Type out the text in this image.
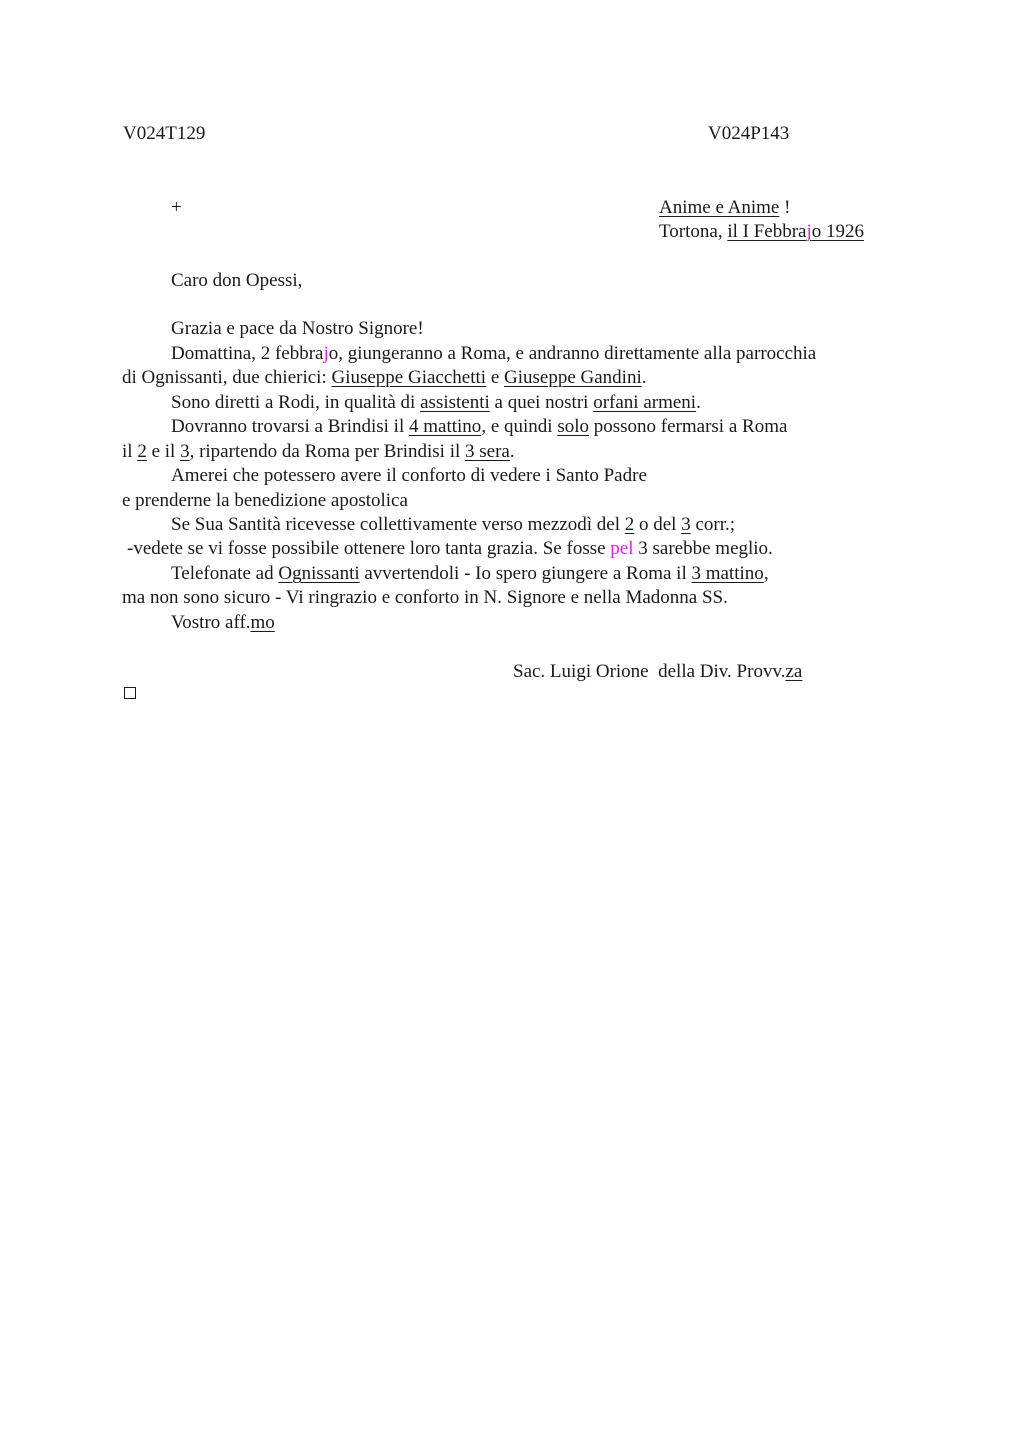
V024T129	V024P143
+	Anime e Anime !
Tortona, il I Febbrajo 1926
Caro don Opessi,
Grazia e pace da Nostro Signore!
Domattina, 2 febbrajo, giungeranno a Roma, e andranno direttamente alla parrocchia
di Ognissanti, due chierici: Giuseppe Giacchetti e Giuseppe Gandini.
Sono diretti a Rodi, in qualità di assistenti a quei nostri orfani armeni.
Dovranno trovarsi a Brindisi il 4 mattino, e quindi solo possono fermarsi a Roma
il 2 e il 3, ripartendo da Roma per Brindisi il 3 sera.
Amerei che potessero avere il conforto di vedere i Santo Padre
e prenderne la benedizione apostolica
Se Sua Santità ricevesse collettivamente verso mezzodì del 2 o del 3 corr.;
-vedete se vi fosse possibile ottenere loro tanta grazia. Se fosse pel 3 sarebbe meglio.
Telefonate ad Ognissanti avvertendoli - Io spero giungere a Roma il 3 mattino,
ma non sono sicuro - Vi ringrazio e conforto in N. Signore e nella Madonna SS.
Vostro aff.mo
Sac. Luigi Orione  della Div. Provv.za
